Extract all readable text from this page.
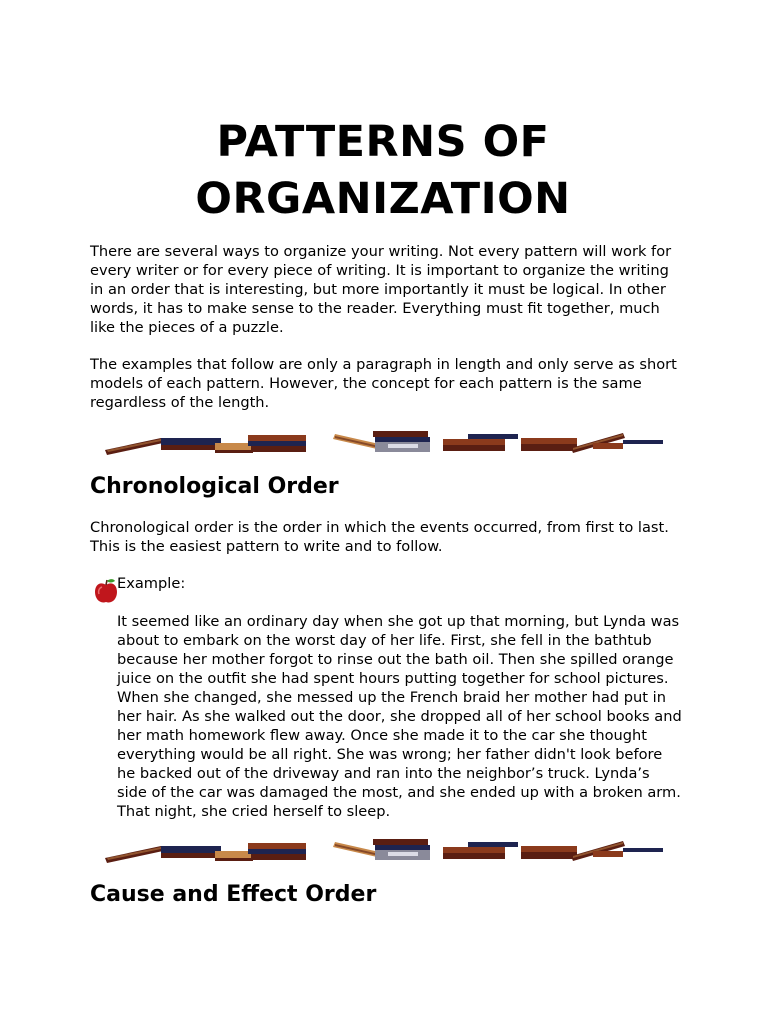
PATTERNS OF
ORGANIZATION

There are several ways to organize your writing. Not every pattern will work for every writer or for every piece of writing. It is important to organize the writing in an order that is interesting, but more importantly it must be logical. In other words, it has to make sense to the reader. Everything must fit together, much like the pieces of a puzzle.

The examples that follow are only a paragraph in length and only serve as short models of each pattern. However, the concept for each pattern is the same regardless of the length.

Chronological Order

Chronological order is the order in which the events occurred, from first to last. This is the easiest pattern to write and to follow.

Example:

It seemed like an ordinary day when she got up that morning, but Lynda was about to embark on the worst day of her life. First, she fell in the bathtub because her mother forgot to rinse out the bath oil. Then she spilled orange juice on the outfit she had spent hours putting together for school pictures. When she changed, she messed up the French braid her mother had put in her hair. As she walked out the door, she dropped all of her school books and her math homework flew away. Once she made it to the car she thought everything would be all right. She was wrong; her father didn't look before he backed out of the driveway and ran into the neighbor’s truck. Lynda’s side of the car was damaged the most, and she ended up with a broken arm. That night, she cried herself to sleep.

Cause and Effect Order
